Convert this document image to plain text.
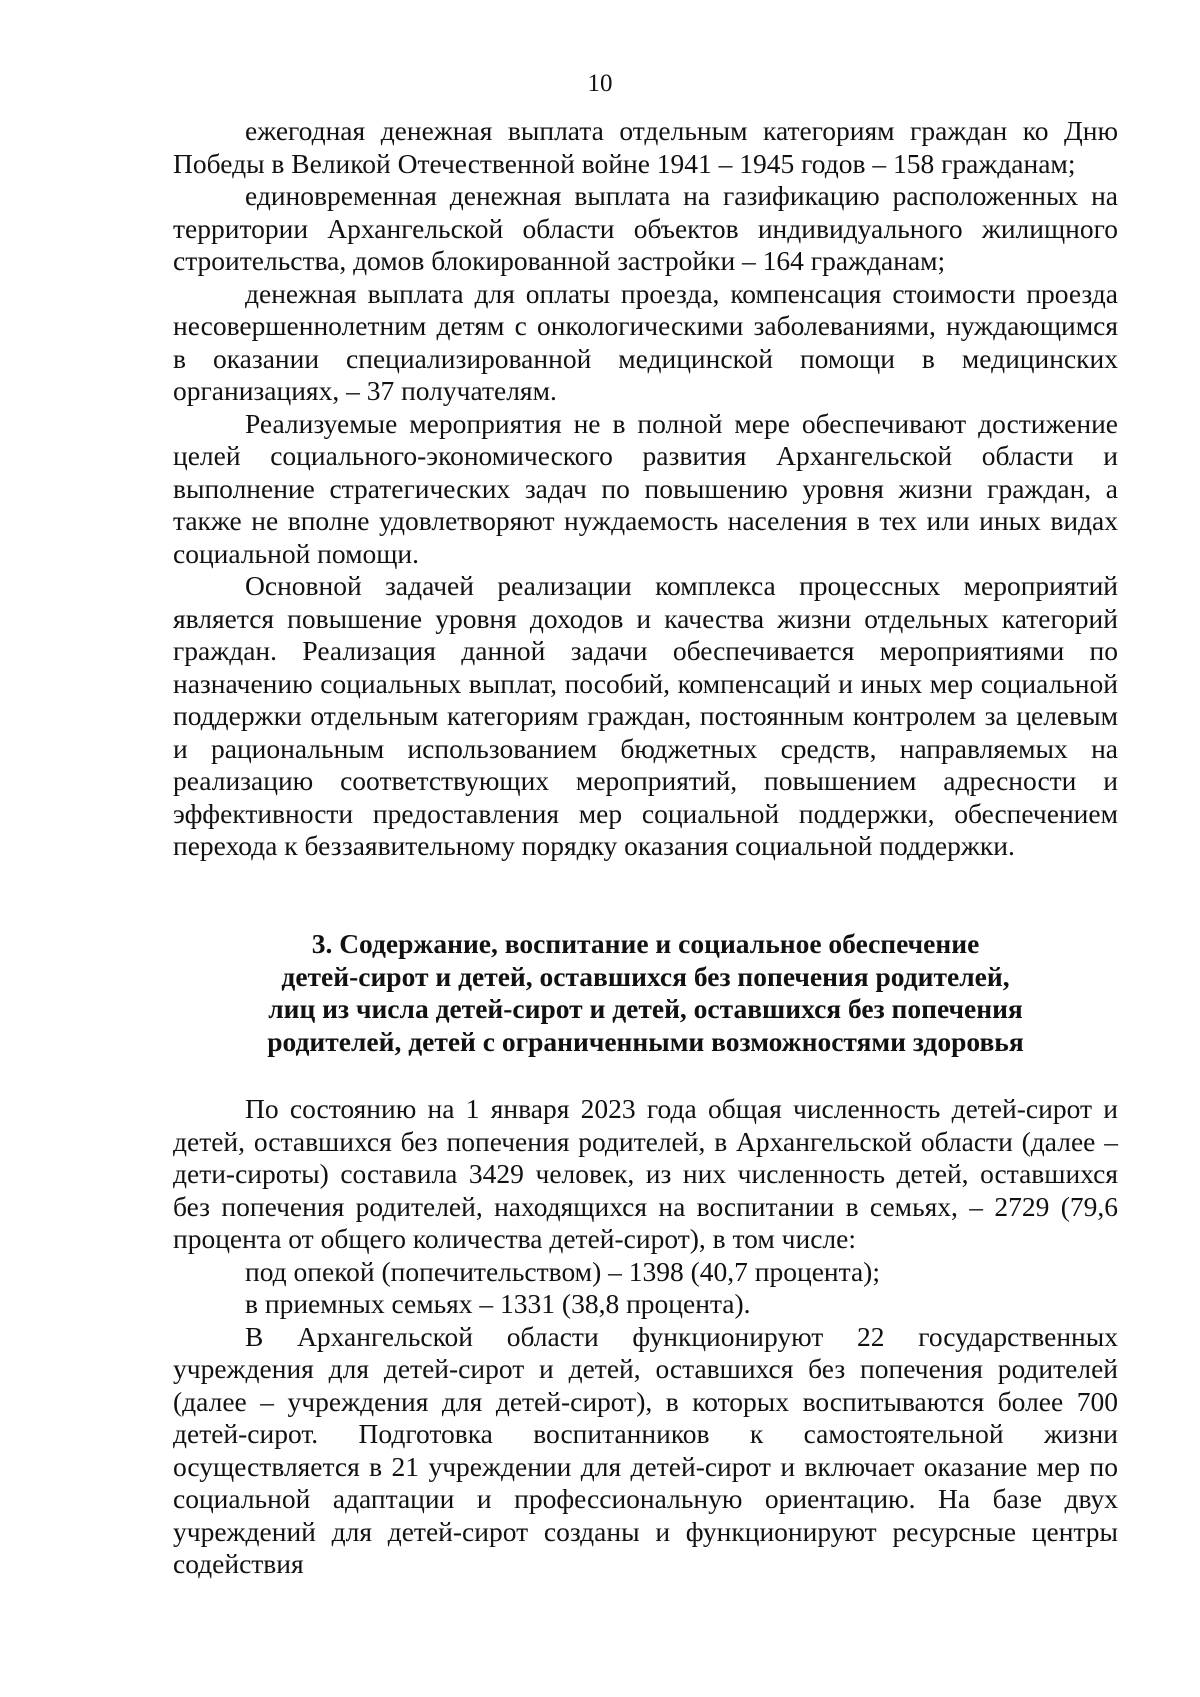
10

ежегодная денежная выплата отдельным категориям граждан ко Дню Победы в Великой Отечественной войне 1941 – 1945 годов – 158 гражданам;

единовременная денежная выплата на газификацию расположенных на территории Архангельской области объектов индивидуального жилищного строительства, домов блокированной застройки – 164 гражданам;

денежная выплата для оплаты проезда, компенсация стоимости проезда несовершеннолетним детям с онкологическими заболеваниями, нуждающимся в оказании специализированной медицинской помощи в медицинских организациях, – 37 получателям.

Реализуемые мероприятия не в полной мере обеспечивают достижение целей социального-экономического развития Архангельской области и выполнение стратегических задач по повышению уровня жизни граждан, а также не вполне удовлетворяют нуждаемость населения в тех или иных видах социальной помощи.

Основной задачей реализации комплекса процессных мероприятий является повышение уровня доходов и качества жизни отдельных категорий граждан. Реализация данной задачи обеспечивается мероприятиями по назначению социальных выплат, пособий, компенсаций и иных мер социальной поддержки отдельным категориям граждан, постоянным контролем за целевым и рациональным использованием бюджетных средств, направляемых на реализацию соответствующих мероприятий, повышением адресности и эффективности предоставления мер социальной поддержки, обеспечением перехода к беззаявительному порядку оказания социальной поддержки.

3. Содержание, воспитание и социальное обеспечение
детей-сирот и детей, оставшихся без попечения родителей,
лиц из числа детей-сирот и детей, оставшихся без попечения
родителей, детей с ограниченными возможностями здоровья

По состоянию на 1 января 2023 года общая численность детей-сирот и детей, оставшихся без попечения родителей, в Архангельской области (далее – дети-сироты) составила 3429 человек, из них численность детей, оставшихся без попечения родителей, находящихся на воспитании в семьях, – 2729 (79,6 процента от общего количества детей-сирот), в том числе:

под опекой (попечительством) – 1398 (40,7 процента);

в приемных семьях – 1331 (38,8 процента).

В Архангельской области функционируют 22 государственных учреждения для детей-сирот и детей, оставшихся без попечения родителей (далее – учреждения для детей-сирот), в которых воспитываются более 700 детей-сирот. Подготовка воспитанников к самостоятельной жизни осуществляется в 21 учреждении для детей-сирот и включает оказание мер по социальной адаптации и профессиональную ориентацию. На базе двух учреждений для детей-сирот созданы и функционируют ресурсные центры содействия
